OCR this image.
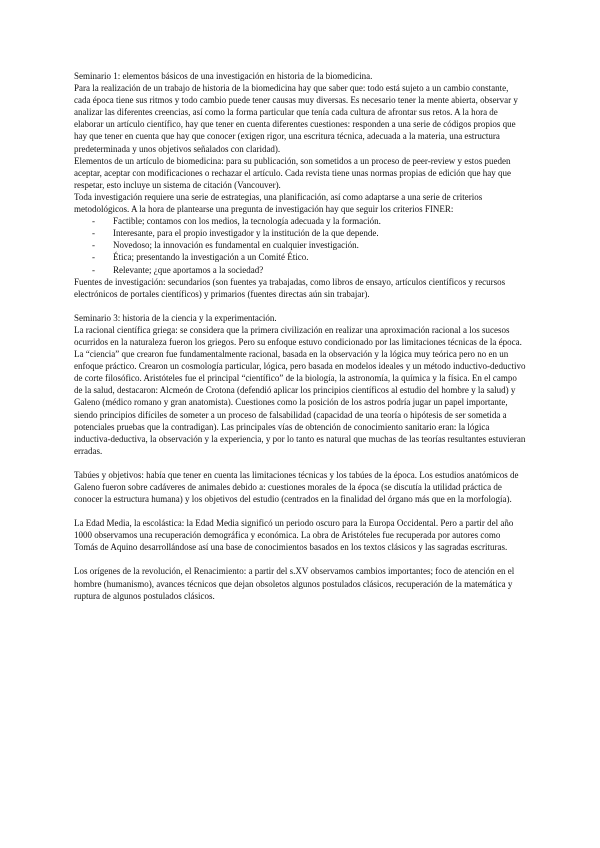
Seminario 1: elementos básicos de una investigación en historia de la biomedicina.

Para la realización de un trabajo de historia de la biomedicina hay que saber que: todo está sujeto a un cambio constante, cada época tiene sus ritmos y todo cambio puede tener causas muy diversas. Es necesario tener la mente abierta, observar y analizar las diferentes creencias, así como la forma particular que tenía cada cultura de afrontar sus retos. A la hora de elaborar un artículo científico, hay que tener en cuenta diferentes cuestiones: responden a una serie de códigos propios que hay que tener en cuenta que hay que conocer (exigen rigor, una escritura técnica, adecuada a la materia, una estructura predeterminada y unos objetivos señalados con claridad).

Elementos de un artículo de biomedicina: para su publicación, son sometidos a un proceso de peer-review y estos pueden aceptar, aceptar con modificaciones o rechazar el artículo. Cada revista tiene unas normas propias de edición que hay que respetar, esto incluye un sistema de citación (Vancouver).

Toda investigación requiere una serie de estrategias, una planificación, así como adaptarse a una serie de criterios metodológicos. A la hora de plantearse una pregunta de investigación hay que seguir los criterios FINER:

- Factible; contamos con los medios, la tecnología adecuada y la formación.
- Interesante, para el propio investigador y la institución de la que depende.
- Novedoso; la innovación es fundamental en cualquier investigación.
- Ética; presentando la investigación a un Comité Ético.
- Relevante; ¿que aportamos a la sociedad?

Fuentes de investigación: secundarios (son fuentes ya trabajadas, como libros de ensayo, artículos científicos y recursos electrónicos de portales científicos) y primarios (fuentes directas aún sin trabajar).

Seminario 3: historia de la ciencia y la experimentación.

La racional científica griega: se considera que la primera civilización en realizar una aproximación racional a los sucesos ocurridos en la naturaleza fueron los griegos. Pero su enfoque estuvo condicionado por las limitaciones técnicas de la época. La “ciencia” que crearon fue fundamentalmente racional, basada en la observación y la lógica muy teórica pero no en un enfoque práctico. Crearon un cosmología particular, lógica, pero basada en modelos ideales y un método inductivo-deductivo de corte filosófico. Aristóteles fue el principal “científico” de la biología, la astronomía, la química y la física. En el campo de la salud, destacaron: Alcmeón de Crotona (defendió aplicar los principios científicos al estudio del hombre y la salud) y Galeno (médico romano y gran anatomista). Cuestiones como la posición de los astros podría jugar un papel importante, siendo principios difíciles de someter a un proceso de falsabilidad (capacidad de una teoría o hipótesis de ser sometida a potenciales pruebas que la contradigan). Las principales vías de obtención de conocimiento sanitario eran: la lógica inductiva-deductiva, la observación y la experiencia, y por lo tanto es natural que muchas de las teorías resultantes estuvieran erradas.

Tabúes y objetivos: había que tener en cuenta las limitaciones técnicas y los tabúes de la época. Los estudios anatómicos de Galeno fueron sobre cadáveres de animales debido a: cuestiones morales de la época (se discutía la utilidad práctica de conocer la estructura humana) y los objetivos del estudio (centrados en la finalidad del órgano más que en la morfología).

La Edad Media, la escolástica: la Edad Media significó un periodo oscuro para la Europa Occidental. Pero a partir del año 1000 observamos una recuperación demográfica y económica. La obra de Aristóteles fue recuperada por autores como Tomás de Aquino desarrollándose así una base de conocimientos basados en los textos clásicos y las sagradas escrituras.

Los orígenes de la revolución, el Renacimiento: a partir del s.XV observamos cambios importantes; foco de atención en el hombre (humanismo), avances técnicos que dejan obsoletos algunos postulados clásicos, recuperación de la matemática y ruptura de algunos postulados clásicos.
